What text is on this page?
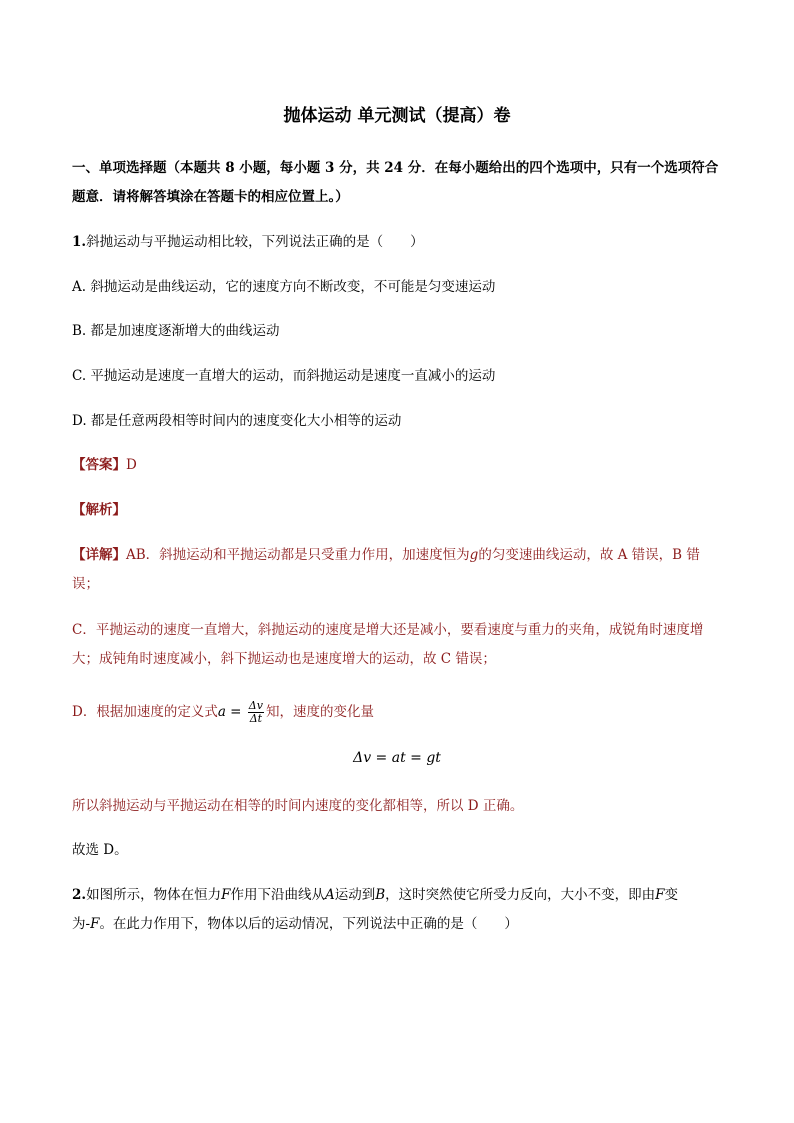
抛体运动 单元测试（提高）卷
一、单项选择题（本题共 8 小题，每小题 3 分，共 24 分．在每小题给出的四个选项中，只有一个选项符合
题意．请将解答填涂在答题卡的相应位置上。）
1.斜抛运动与平抛运动相比较，下列说法正确的是（　　）
A. 斜抛运动是曲线运动，它的速度方向不断改变，不可能是匀变速运动
B. 都是加速度逐渐增大的曲线运动
C. 平抛运动是速度一直增大的运动，而斜抛运动是速度一直减小的运动
D. 都是任意两段相等时间内的速度变化大小相等的运动
【答案】D
【解析】
【详解】AB．斜抛运动和平抛运动都是只受重力作用，加速度恒为g的匀变速曲线运动，故 A 错误，B 错
误；
C．平抛运动的速度一直增大，斜抛运动的速度是增大还是减小，要看速度与重力的夹角，成锐角时速度增
大；成钝角时速度减小，斜下抛运动也是速度增大的运动，故 C 错误；
D．根据加速度的定义式$a = \frac{\Delta v}{\Delta t}$ 知，速度的变化量
Δv = at = gt
所以斜抛运动与平抛运动在相等的时间内速度的变化都相等，所以 D 正确。
故选 D。
2.如图所示，物体在恒力F作用下沿曲线从A运动到B，这时突然使它所受力反向，大小不变，即由F变
为-F。在此力作用下，物体以后的运动情况，下列说法中正确的是（　　）
